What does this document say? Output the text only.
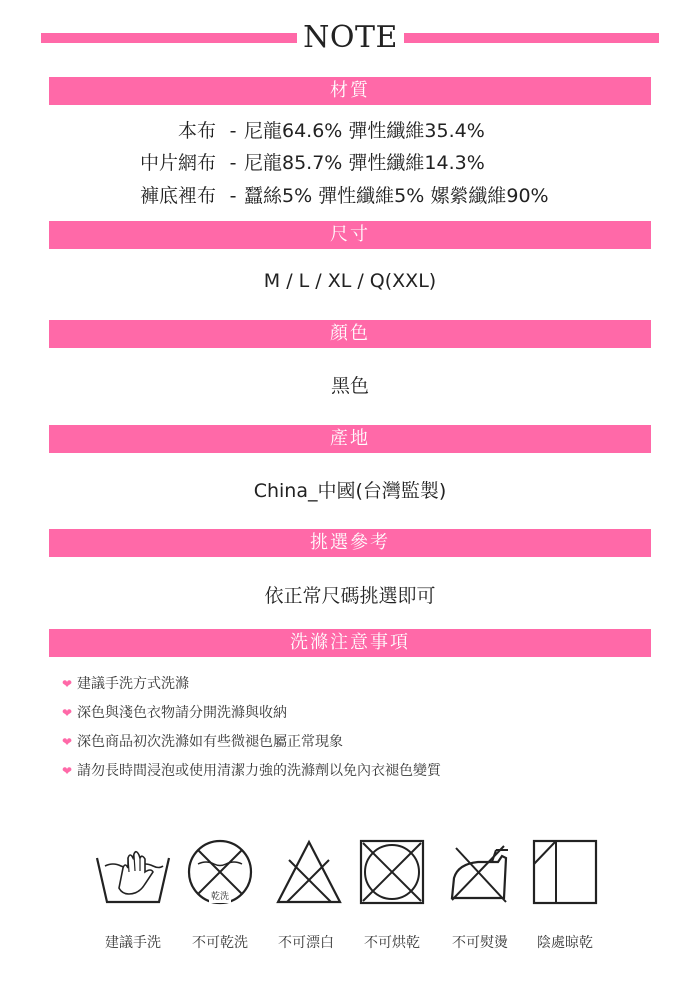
NOTE
材質
本布 - 尼龍64.6% 彈性纖維35.4%
中片網布 - 尼龍85.7% 彈性纖維14.3%
褲底裡布 - 蠶絲5% 彈性纖維5% 嫘縈纖維90%
尺寸
M / L / XL / Q(XXL)
顏色
黑色
產地
China_中國(台灣監製)
挑選參考
依正常尺碼挑選即可
洗滌注意事項
❤ 建議手洗方式洗滌
❤ 深色與淺色衣物請分開洗滌與收納
❤ 深色商品初次洗滌如有些微褪色屬正常現象
❤ 請勿長時間浸泡或使用清潔力強的洗滌劑以免內衣褪色變質
乾洗
建議手洗	不可乾洗	不可漂白	不可烘乾	不可熨燙	陰處晾乾
